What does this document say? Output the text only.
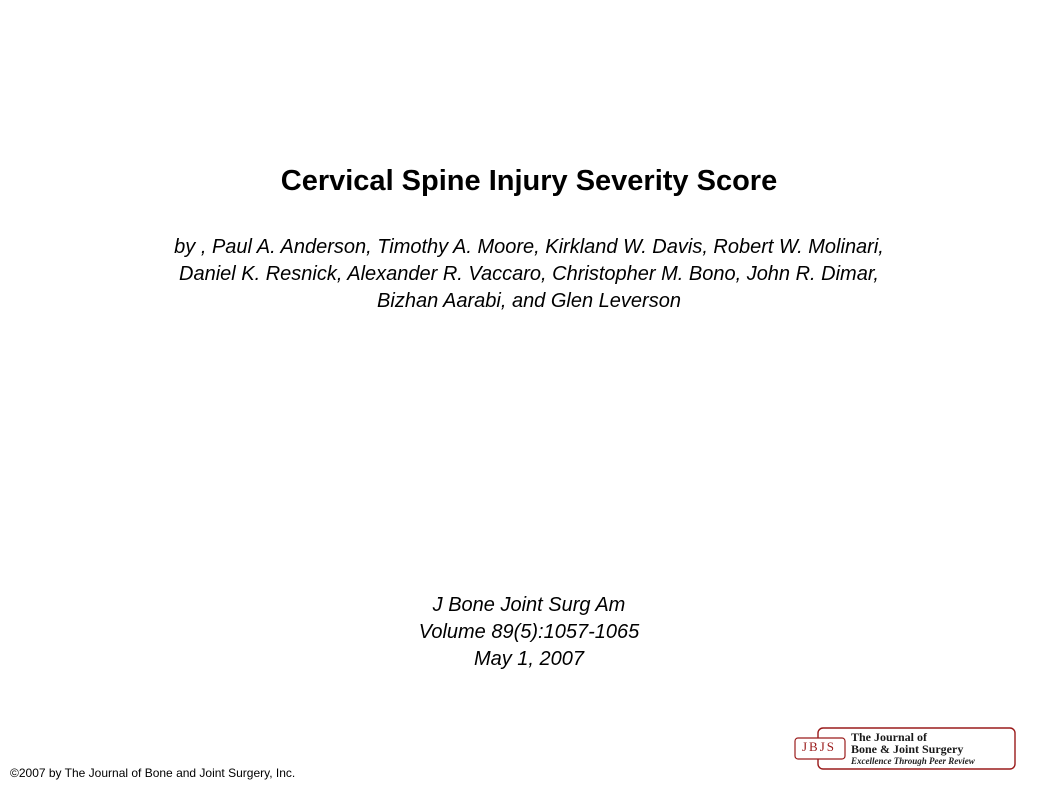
Cervical Spine Injury Severity Score
by , Paul A. Anderson, Timothy A. Moore, Kirkland W. Davis, Robert W. Molinari,
Daniel K. Resnick, Alexander R. Vaccaro, Christopher M. Bono, John R. Dimar,
Bizhan Aarabi, and Glen Leverson
J Bone Joint Surg Am
Volume 89(5):1057-1065
May 1, 2007
©2007 by The Journal of Bone and Joint Surgery, Inc.
JBJS
The Journal of
Bone & Joint Surgery
Excellence Through Peer Review
